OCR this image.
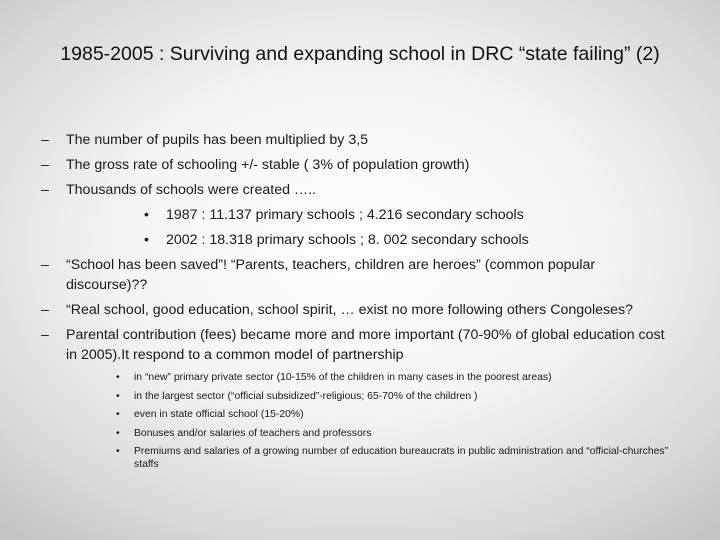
1985-2005 : Surviving and expanding school in DRC “state failing” (2)
–	The number of pupils has been multiplied by 3,5
–	The gross rate of schooling +/- stable ( 3% of population growth)
–	Thousands of schools were created …..
• 1987 : 11.137 primary schools ; 4.216 secondary schools
• 2002 : 18.318 primary schools ; 8. 002 secondary schools
–	“School has been saved”! “Parents, teachers, children are heroes” (common popular discourse)??
–	“Real school, good education, school spirit, … exist no more following others Congoleses?
–	Parental contribution (fees) became more and more important (70-90% of global education cost in 2005).It respond to a common model of partnership
• in “new” primary private sector (10-15% of the children in many cases in the poorest areas)
• in the largest sector (“official subsidized”-religious; 65-70% of the children )
• even in state official school (15-20%)
• Bonuses and/or salaries of teachers and professors
• Premiums and salaries of a growing number of education bureaucrats in public administration and “official-churches” staffs
